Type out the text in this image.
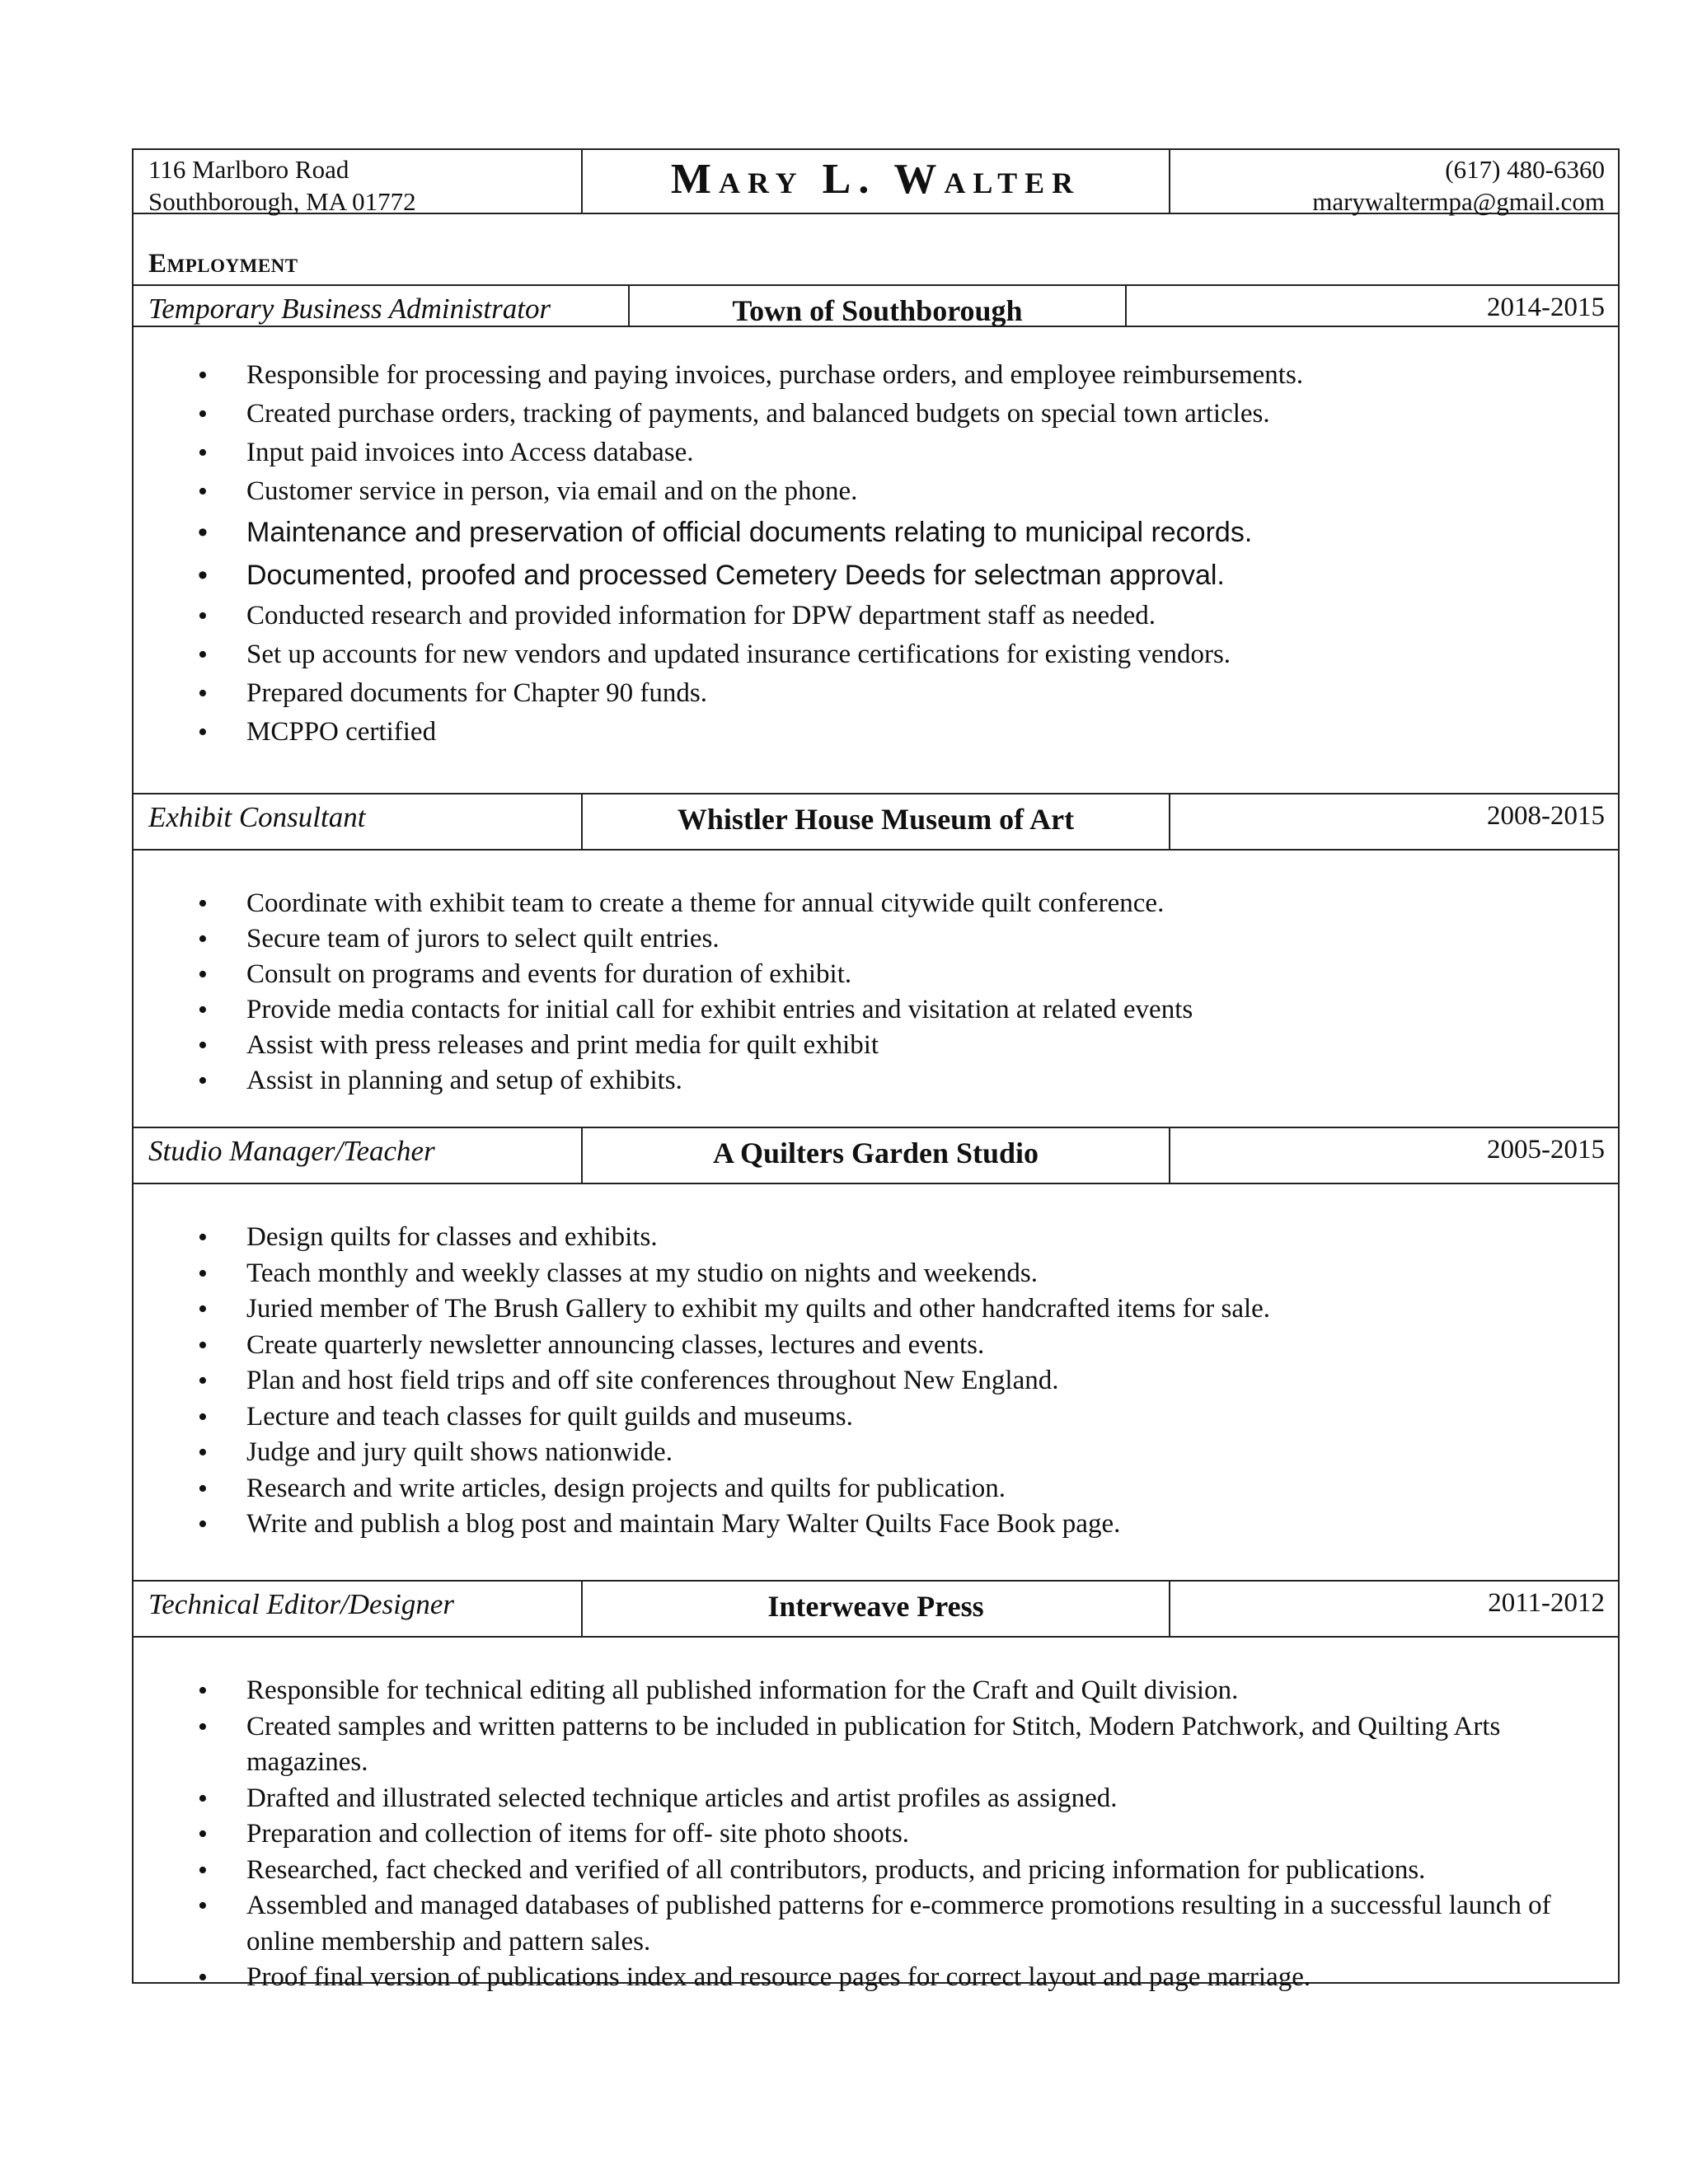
116 Marlboro Road
Southborough, MA 01772	Mary L. Walter	(617) 480-6360
marywaltermpa@gmail.com
Employment
Temporary Business Administrator	Town of Southborough	2014-2015
• Responsible for processing and paying invoices, purchase orders, and employee reimbursements.
• Created purchase orders, tracking of payments, and balanced budgets on special town articles.
• Input paid invoices into Access database.
• Customer service in person, via email and on the phone.
• Maintenance and preservation of official documents relating to municipal records.
• Documented, proofed and processed Cemetery Deeds for selectman approval.
• Conducted research and provided information for DPW department staff as needed.
• Set up accounts for new vendors and updated insurance certifications for existing vendors.
• Prepared documents for Chapter 90 funds.
• MCPPO certified
Exhibit Consultant	Whistler House Museum of Art	2008-2015
• Coordinate with exhibit team to create a theme for annual citywide quilt conference.
• Secure team of jurors to select quilt entries.
• Consult on programs and events for duration of exhibit.
• Provide media contacts for initial call for exhibit entries and visitation at related events
• Assist with press releases and print media for quilt exhibit
• Assist in planning and setup of exhibits.
Studio Manager/Teacher	A Quilters Garden Studio	2005-2015
• Design quilts for classes and exhibits.
• Teach monthly and weekly classes at my studio on nights and weekends.
• Juried member of The Brush Gallery to exhibit my quilts and other handcrafted items for sale.
• Create quarterly newsletter announcing classes, lectures and events.
• Plan and host field trips and off site conferences throughout New England.
• Lecture and teach classes for quilt guilds and museums.
• Judge and jury quilt shows nationwide.
• Research and write articles, design projects and quilts for publication.
• Write and publish a blog post and maintain Mary Walter Quilts Face Book page.
Technical Editor/Designer	Interweave Press	2011-2012
• Responsible for technical editing all published information for the Craft and Quilt division.
• Created samples and written patterns to be included in publication for Stitch, Modern Patchwork, and Quilting Arts magazines.
• Drafted and illustrated selected technique articles and artist profiles as assigned.
• Preparation and collection of items for off- site photo shoots.
• Researched, fact checked and verified of all contributors, products, and pricing information for publications.
• Assembled and managed databases of published patterns for e-commerce promotions resulting in a successful launch of online membership and pattern sales.
• Proof final version of publications index and resource pages for correct layout and page marriage.
